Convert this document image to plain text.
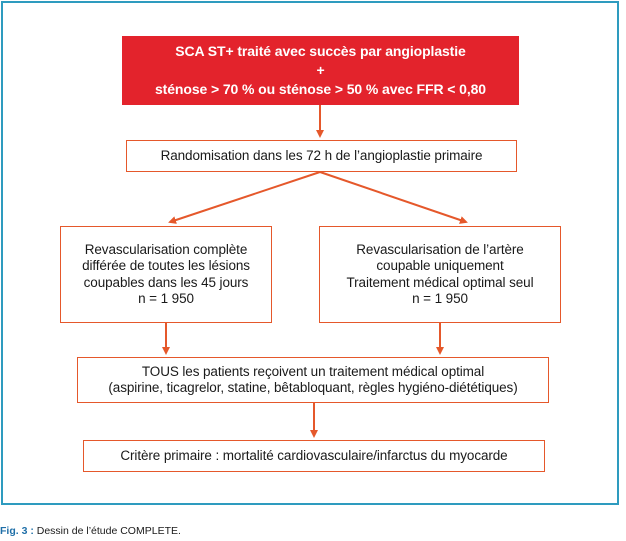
SCA ST+ traité avec succès par angioplastie
+
sténose > 70 % ou sténose > 50 % avec FFR < 0,80
Randomisation dans les 72 h de l’angioplastie primaire
Revascularisation complète
différée de toutes les lésions
coupables dans les 45 jours
n = 1 950
Revascularisation de l’artère
coupable uniquement
Traitement médical optimal seul
n = 1 950
TOUS les patients reçoivent un traitement médical optimal
(aspirine, ticagrelor, statine, bêtabloquant, règles hygiéno-diététiques)
Critère primaire : mortalité cardiovasculaire/infarctus du myocarde
Fig. 3 : Dessin de l’étude COMPLETE.
